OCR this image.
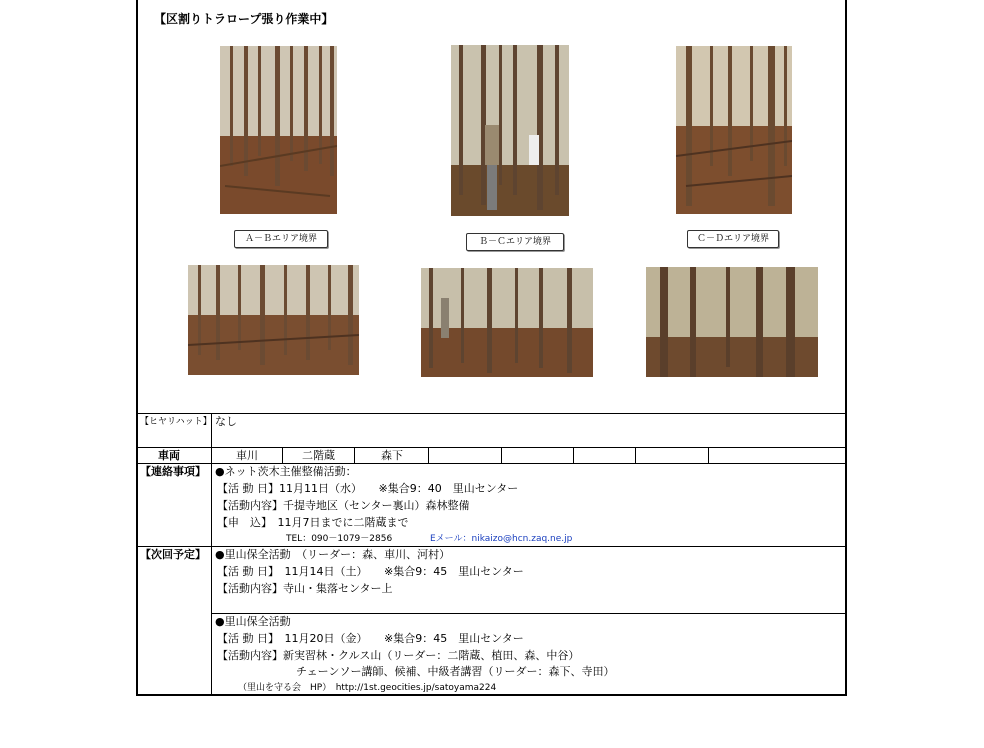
【区割りトラロープ張り作業中】
Ａ－Ｂエリア境界	Ｂ－Ｃエリア境界	Ｃ－Ｄエリア境界
【ヒヤリハット】 なし
車両	車川	二階蔵	森下
【連絡事項】 ●ネット茨木主催整備活動：
【活 動 日】11月11日（水）　　※集合9：40　里山センター
【活動内容】千提寺地区（センター裏山）森林整備
【申　込】　11月7日までに二階蔵まで
TEL：090－1079－2856	Eメール：nikaizo@hcn.zaq.ne.jp
【次回予定】 ●里山保全活動　（リーダー：森、車川、河村）
【活 動 日】　11月14日（土）　　※集合9：45　里山センター
【活動内容】寺山・集落センター上
●里山保全活動
【活 動 日】　11月20日（金）　　※集合9：45　里山センター
【活動内容】新実習林・クルス山（リーダー：二階蔵、植田、森、中谷）
チェーンソー講師、候補、中級者講習（リーダー：森下、寺田）
（里山を守る会　HP）　http://1st.geocities.jp/satoyama224
